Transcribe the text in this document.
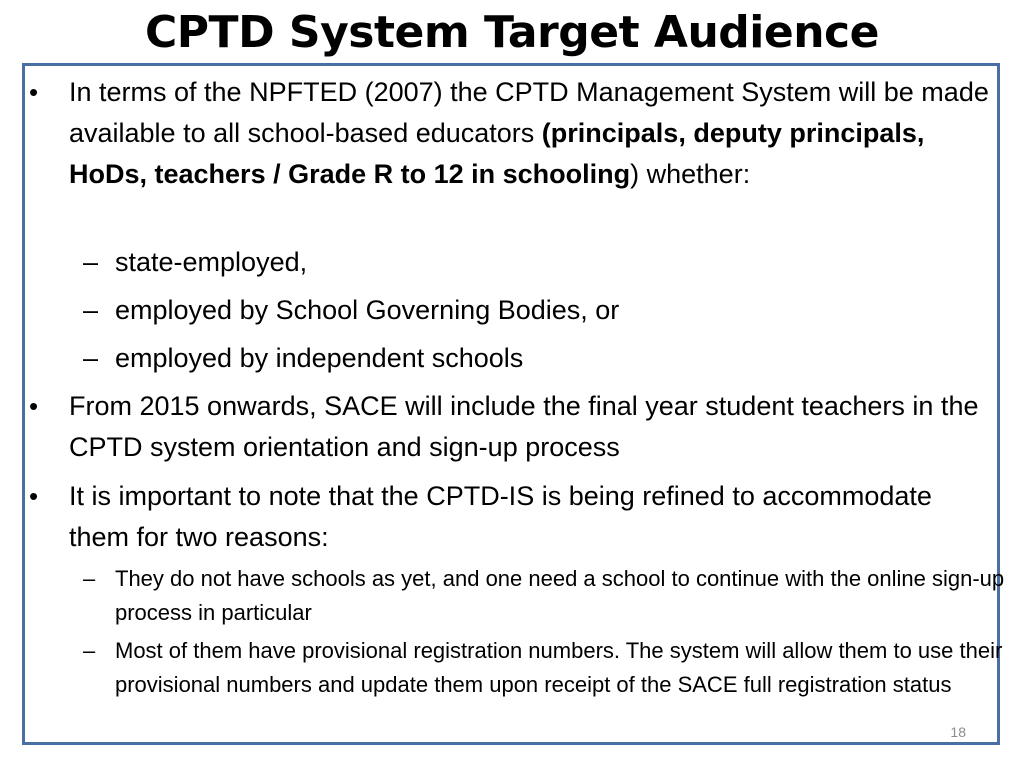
CPTD System Target Audience
• In terms of the NPFTED (2007) the CPTD Management System will be made available to all school-based educators (principals, deputy principals, HoDs, teachers / Grade R to 12 in schooling) whether:
– state-employed,
– employed by School Governing Bodies, or
– employed by independent schools
• From 2015 onwards, SACE will include the final year student teachers in the CPTD system orientation and sign-up process
• It is important to note that the CPTD-IS is being refined to accommodate them for two reasons:
– They do not have schools as yet, and one need a school to continue with the online sign-up process in particular
– Most of them have provisional registration numbers. The system will allow them to use their provisional numbers and update them upon receipt of the SACE full registration status
18
